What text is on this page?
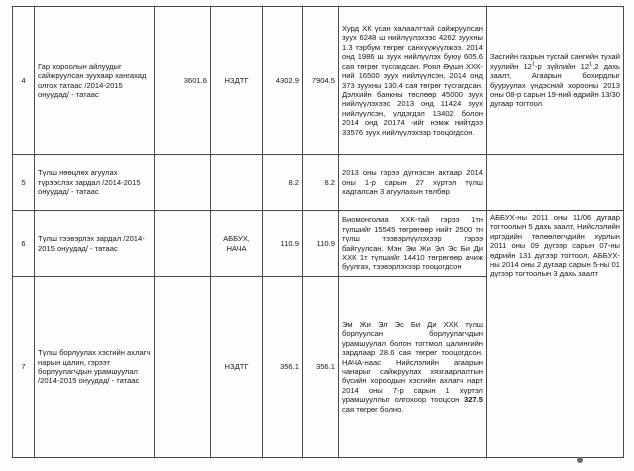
4	Гар хороолын айлуудыг сайжруулсан зуухаар хангахад олгох татаас /2014-2015 онуудад/ - татаас	3601.6	НЗДТГ	4302.9	7904.5	Хурд ХК үсан халаалттай сайжруулсан зуух 6248 ш нийлүүлэхээс 4262 зуухны 1.3 тэрбум төгрөг санхүүжүүлжээ. 2014 онд 1986 ш зуух нийлүүлэх буюу 605.6 сая төгрөг түсгагдсан. Роял Өүшн ХХК-ний 16500 зуух нийлүүлсэн, 2014 онд 373 зуухны 130.4 сая төгрөг түсгагдсан. Дэлхийн банкны төслөөр 45000 зуух нийлүүлэхээс 2013 онд 11424 зуух нийлүүлсэн, үлдэгдэл 13402 болон 2014 онд 20174 -ийг нэмж нийтдээ 33576 зуух нийлүүлэхээр тооцогдсон.	Засгийн газрын тусгай сангийн тухай хуулийн $12^1-р$ зүйлийн $12^1.2$ дахь заалт, Агаарын бохирдлыг бууруулах үндэсний хорооны 2013 оны 08-р сарын 19-ний өдрийн 13/30 дугаар тогтоол
5	Түлш нөөцлөх агуулах түрээслэх зардал /2014-2015 онуудад/ - татаас			8.2	8.2	2013 оны гэрээ дүгнэсэн актаар 2014 оны 1-р сарын 27 хүртэл түлш хадгалсан 3 агуулахын төлбөр	
6	Түлш тээвэрлэх зардал /2014-2015 онуудад/ - татаас		АББУХ, НАЧА	110.9	110.9	Биомонголиа ХХК-тай гэрээ 1тн түлшийг 15545 төгрөгөөр нийт 2500 тн түлш тээвэрлүүлэхээр гэрээ байгуулсан. Мэн Эм Жи Эл Эс Би Ди ХХК 1т түлшийг 14410 төгрөгөөр ачиж буулгах, тээвэрлэхээр тооцогдсон	АББУХ-ны 2011 оны 11/06 дугаар тогтоолын 5 дахь заалт, Нийслэлийн иргэдийн төлөөлөгчдийн хурлын 2011 оны 09 дүгээр сарын 07-ны өдрийн 131 дүгээр тогтоол, АББУХ-ны 2014 оны 2 дугаар сарын 5-ны 01 дүгээр тогтоолын 3 дахь заалт
7	Түлш борлуулах хэсгийн ахлагч нарын цалин, гэрээт борлуулагчдын урамшуулал /2014-2015 онуудад/ - татаас		НЗДТГ	356.1	356.1	Эм Жи Эл Эс Би Ди ХХК түлш борлуулсан борлуулагчдын урамшуулал болон тогтмол цалингийн зардлаар 28.6 сая төгрөг тооцогдсон. НАЧА-наас Нийслэлийн агаарын чанарыг сайжруулах хязгаарлалтын бүсийн хороодын хэсгийн ахлагч нарт 2014 оны 7-р сарын 1 хүртэл урамшууллыг олгохоор тооцсон 327.5 сая төгрөг болно.	
